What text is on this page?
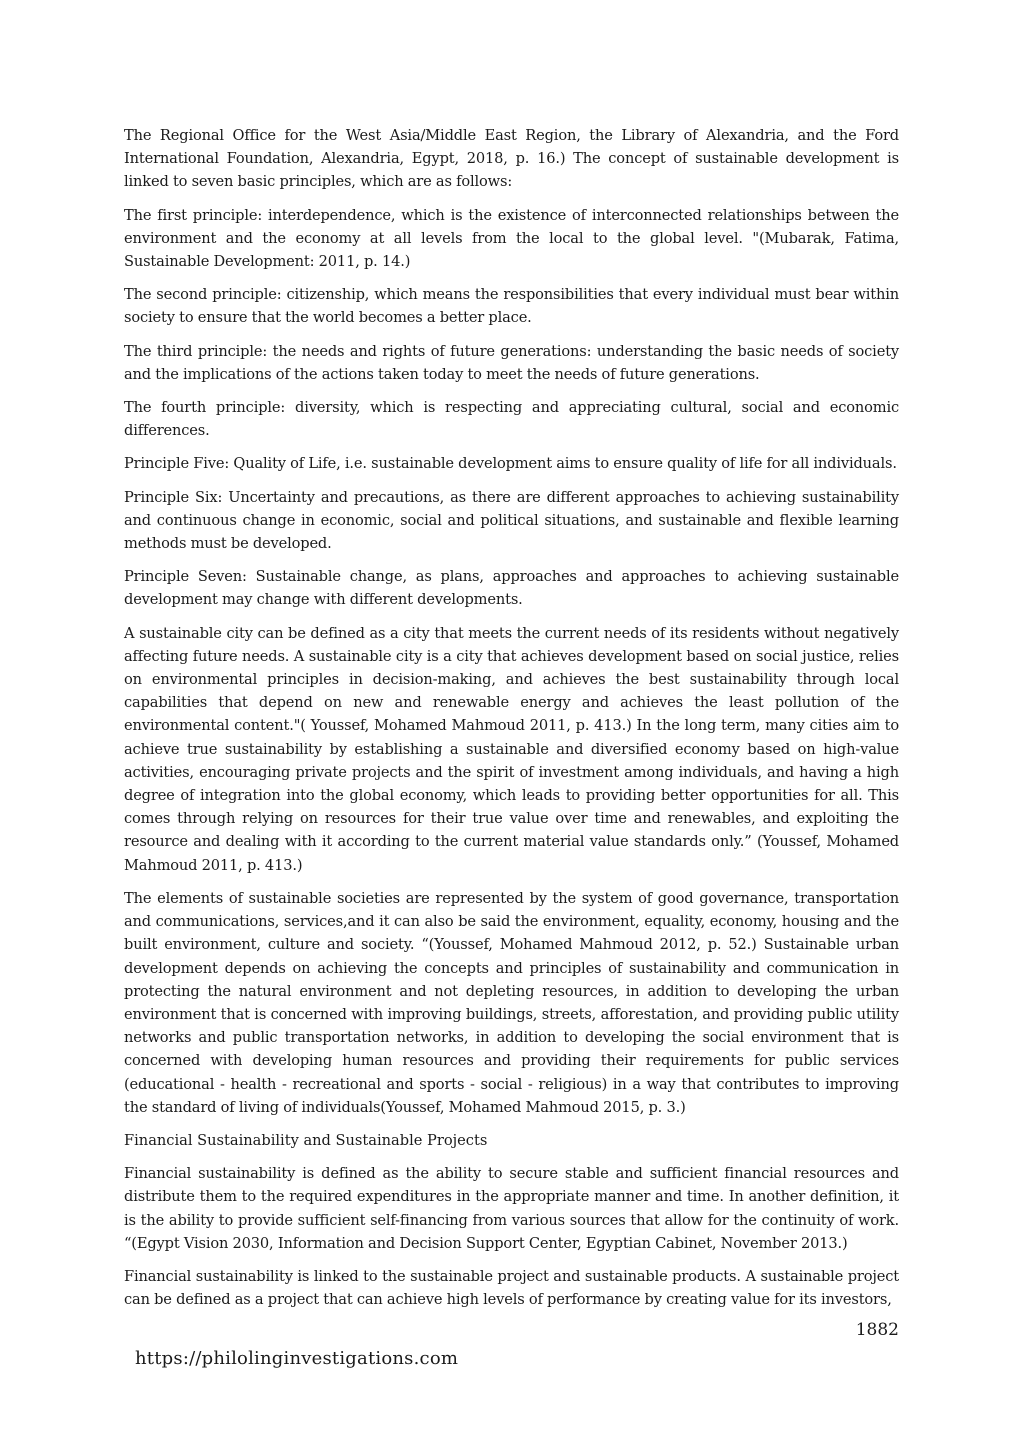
The Regional Office for the West Asia/Middle East Region, the Library of Alexandria, and the Ford International Foundation, Alexandria, Egypt, 2018, p. 16.) The concept of sustainable development is linked to seven basic principles, which are as follows:

The first principle: interdependence, which is the existence of interconnected relationships between the environment and the economy at all levels from the local to the global level. "(Mubarak, Fatima, Sustainable Development: 2011, p. 14.)

The second principle: citizenship, which means the responsibilities that every individual must bear within society to ensure that the world becomes a better place.

The third principle: the needs and rights of future generations: understanding the basic needs of society and the implications of the actions taken today to meet the needs of future generations.

The fourth principle: diversity, which is respecting and appreciating cultural, social and economic differences.

Principle Five: Quality of Life, i.e. sustainable development aims to ensure quality of life for all individuals.

Principle Six: Uncertainty and precautions, as there are different approaches to achieving sustainability and continuous change in economic, social and political situations, and sustainable and flexible learning methods must be developed.

Principle Seven: Sustainable change, as plans, approaches and approaches to achieving sustainable development may change with different developments.

A sustainable city can be defined as a city that meets the current needs of its residents without negatively affecting future needs. A sustainable city is a city that achieves development based on social justice, relies on environmental principles in decision-making, and achieves the best sustainability through local capabilities that depend on new and renewable energy and achieves the least pollution of the environmental content."( Youssef, Mohamed Mahmoud 2011, p. 413.) In the long term, many cities aim to achieve true sustainability by establishing a sustainable and diversified economy based on high-value activities, encouraging private projects and the spirit of investment among individuals, and having a high degree of integration into the global economy, which leads to providing better opportunities for all. This comes through relying on resources for their true value over time and renewables, and exploiting the resource and dealing with it according to the current material value standards only.” (Youssef, Mohamed Mahmoud 2011, p. 413.)

The elements of sustainable societies are represented by the system of good governance, transportation and communications, services,and it can also be said the environment, equality, economy, housing and the built environment, culture and society. “(Youssef, Mohamed Mahmoud 2012, p. 52.) Sustainable urban development depends on achieving the concepts and principles of sustainability and communication in protecting the natural environment and not depleting resources, in addition to developing the urban environment that is concerned with improving buildings, streets, afforestation, and providing public utility networks and public transportation networks, in addition to developing the social environment that is concerned with developing human resources and providing their requirements for public services (educational - health - recreational and sports - social - religious) in a way that contributes to improving the standard of living of individuals(Youssef, Mohamed Mahmoud 2015, p. 3.)

Financial Sustainability and Sustainable Projects

Financial sustainability is defined as the ability to secure stable and sufficient financial resources and distribute them to the required expenditures in the appropriate manner and time. In another definition, it is the ability to provide sufficient self-financing from various sources that allow for the continuity of work. “(Egypt Vision 2030, Information and Decision Support Center, Egyptian Cabinet, November 2013.)

Financial sustainability is linked to the sustainable project and sustainable products. A sustainable project can be defined as a project that can achieve high levels of performance by creating value for its investors,

1882
https://philolinginvestigations.com
